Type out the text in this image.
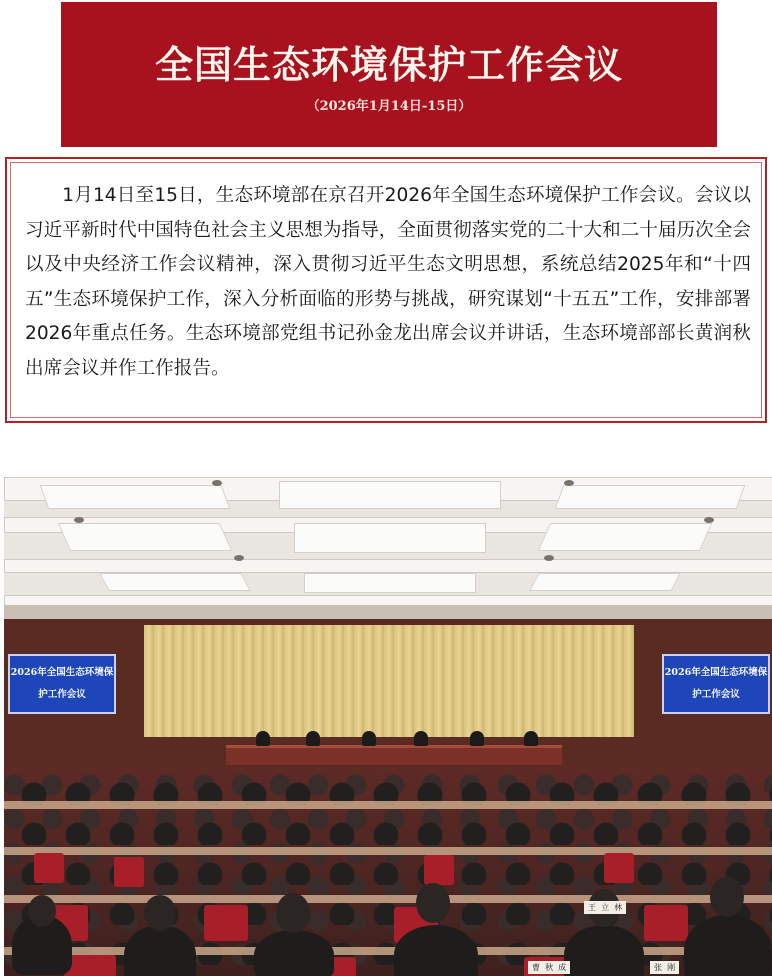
全国生态环境保护工作会议
（2026年1月14日-15日）
1月14日至15日，生态环境部在京召开2026年全国生态环境保护工作会议。会议以习近平新时代中国特色社会主义思想为指导，全面贯彻落实党的二十大和二十届历次全会以及中央经济工作会议精神，深入贯彻习近平生态文明思想，系统总结2025年和“十四五”生态环境保护工作，深入分析面临的形势与挑战，研究谋划“十五五”工作，安排部署2026年重点任务。生态环境部党组书记孙金龙出席会议并讲话，生态环境部部长黄润秋出席会议并作工作报告。
2026年全国生态环境保护工作会议
2026年全国生态环境保护工作会议
曹 ⁣ 秋 ⁣ 成	张 ⁣ 刚
王 ⁣ 立 ⁣ 林
